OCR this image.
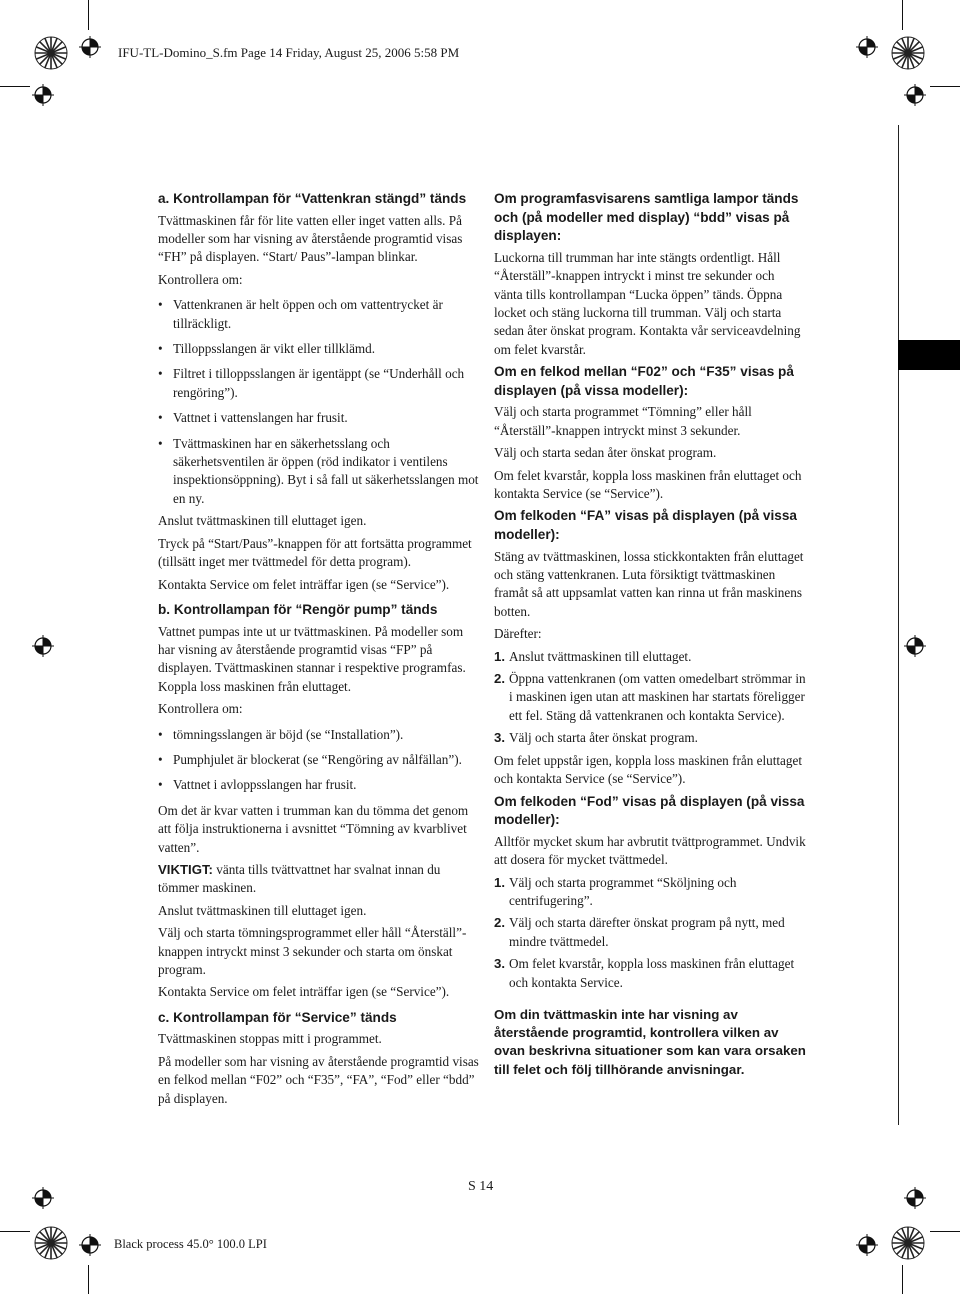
IFU-TL-Domino_S.fm Page 14 Friday, August 25, 2006 5:58 PM
Black process 45.0° 100.0 LPI
S 14

a. Kontrollampan för “Vattenkran stängd” tänds

Tvättmaskinen får för lite vatten eller inget vatten alls. På modeller som har visning av återstående programtid visas “FH” på displayen. “Start/ Paus”-lampan blinkar.

Kontrollera om:

• Vattenkranen är helt öppen och om vattentrycket är tillräckligt.

• Tilloppsslangen är vikt eller tillklämd.

• Filtret i tilloppsslangen är igentäppt (se “Underhåll och rengöring”).

• Vattnet i vattenslangen har frusit.

• Tvättmaskinen har en säkerhetsslang och säkerhetsventilen är öppen (röd indikator i ventilens inspektionsöppning). Byt i så fall ut säkerhetsslangen mot en ny.

Anslut tvättmaskinen till eluttaget igen.

Tryck på “Start/Paus”-knappen för att fortsätta programmet (tillsätt inget mer tvättmedel för detta program).

Kontakta Service om felet inträffar igen (se “Service”).

b. Kontrollampan för “Rengör pump” tänds

Vattnet pumpas inte ut ur tvättmaskinen. På modeller som har visning av återstående programtid visas “FP” på displayen. Tvättmaskinen stannar i respektive programfas. Koppla loss maskinen från eluttaget.

Kontrollera om:

• tömningsslangen är böjd (se “Installation”).

• Pumphjulet är blockerat (se “Rengöring av nålfällan”).

• Vattnet i avloppsslangen har frusit.

Om det är kvar vatten i trumman kan du tömma det genom att följa instruktionerna i avsnittet “Tömning av kvarblivet vatten”.

VIKTIGT: vänta tills tvättvattnet har svalnat innan du tömmer maskinen.

Anslut tvättmaskinen till eluttaget igen.

Välj och starta tömningsprogrammet eller håll “Återställ”-knappen intryckt minst 3 sekunder och starta om önskat program.

Kontakta Service om felet inträffar igen (se “Service”).

c. Kontrollampan för “Service” tänds

Tvättmaskinen stoppas mitt i programmet.

På modeller som har visning av återstående programtid visas en felkod mellan “F02” och “F35”, “FA”, “Fod” eller “bdd” på displayen.

Om programfasvisarens samtliga lampor tänds och (på modeller med display) “bdd” visas på displayen:

Luckorna till trumman har inte stängts ordentligt. Håll “Återställ”-knappen intryckt i minst tre sekunder och vänta tills kontrollampan “Lucka öppen” tänds. Öppna locket och stäng luckorna till trumman. Välj och starta sedan åter önskat program. Kontakta vår serviceavdelning om felet kvarstår.

Om en felkod mellan “F02” och “F35” visas på displayen (på vissa modeller):

Välj och starta programmet “Tömning” eller håll “Återställ”-knappen intryckt minst 3 sekunder.

Välj och starta sedan åter önskat program.

Om felet kvarstår, koppla loss maskinen från eluttaget och kontakta Service (se “Service”).

Om felkoden “FA” visas på displayen (på vissa modeller):

Stäng av tvättmaskinen, lossa stickkontakten från eluttaget och stäng vattenkranen. Luta försiktigt tvättmaskinen framåt så att uppsamlat vatten kan rinna ut från maskinens botten.

Därefter:

1. Anslut tvättmaskinen till eluttaget.
2. Öppna vattenkranen (om vatten omedelbart strömmar in i maskinen igen utan att maskinen har startats föreligger ett fel. Stäng då vattenkranen och kontakta Service).
3. Välj och starta åter önskat program.

Om felet uppstår igen, koppla loss maskinen från eluttaget och kontakta Service (se “Service”).

Om felkoden “Fod” visas på displayen (på vissa modeller):

Alltför mycket skum har avbrutit tvättprogrammet. Undvik att dosera för mycket tvättmedel.

1. Välj och starta programmet “Sköljning och centrifugering”.
2. Välj och starta därefter önskat program på nytt, med mindre tvättmedel.
3. Om felet kvarstår, koppla loss maskinen från eluttaget och kontakta Service.

Om din tvättmaskin inte har visning av återstående programtid, kontrollera vilken av ovan beskrivna situationer som kan vara orsaken till felet och följ tillhörande anvisningar.
